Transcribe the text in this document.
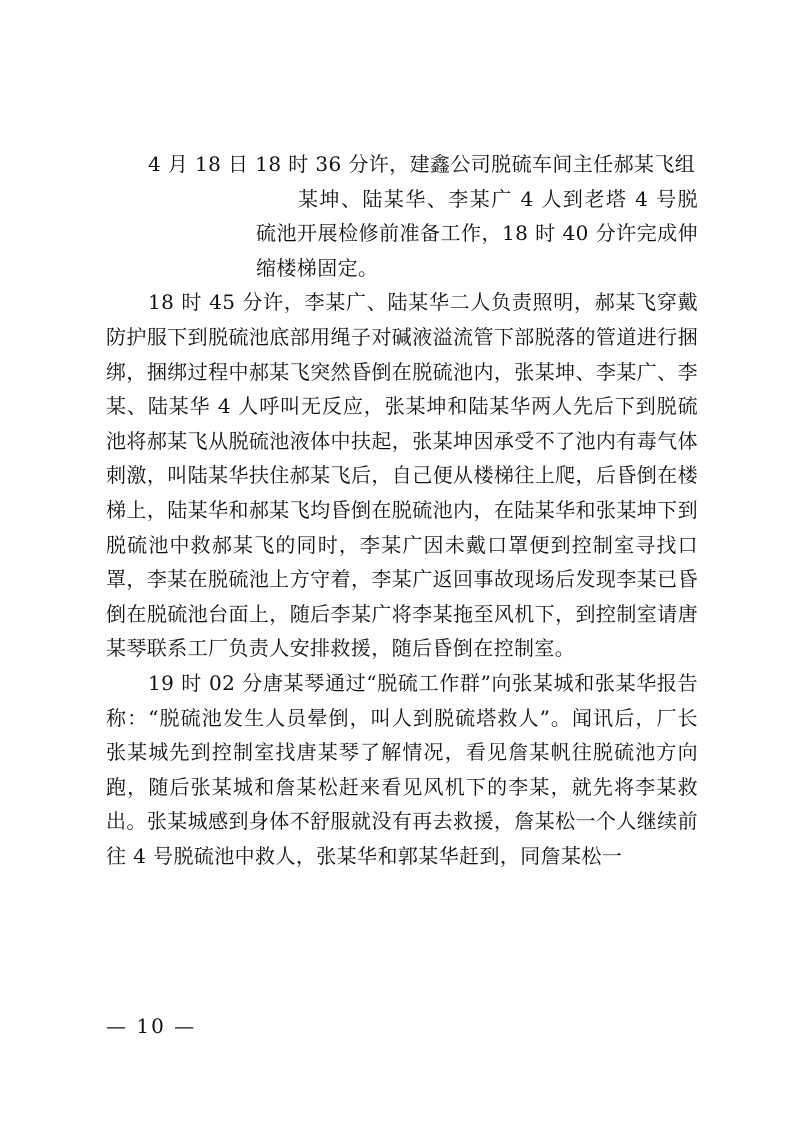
4 月 18 日 18 时 36 分许，建鑫公司脱硫车间主任郝某飞组
某坤、陆某华、李某广 4 人到老塔 4 号脱硫池开展检修前准备工作，18 时 40 分许完成伸缩楼梯固定。

18 时 45 分许，李某广、陆某华二人负责照明，郝某飞穿戴防护服下到脱硫池底部用绳子对碱液溢流管下部脱落的管道进行捆绑，捆绑过程中郝某飞突然昏倒在脱硫池内，张某坤、李某广、李某、陆某华 4 人呼叫无反应，张某坤和陆某华两人先后下到脱硫池将郝某飞从脱硫池液体中扶起，张某坤因承受不了池内有毒气体刺激，叫陆某华扶住郝某飞后，自己便从楼梯往上爬，后昏倒在楼梯上，陆某华和郝某飞均昏倒在脱硫池内，在陆某华和张某坤下到脱硫池中救郝某飞的同时，李某广因未戴口罩便到控制室寻找口罩，李某在脱硫池上方守着，李某广返回事故现场后发现李某已昏倒在脱硫池台面上，随后李某广将李某拖至风机下，到控制室请唐某琴联系工厂负责人安排救援，随后昏倒在控制室。

19 时 02 分唐某琴通过“脱硫工作群”向张某城和张某华报告称：“脱硫池发生人员晕倒，叫人到脱硫塔救人”。闻讯后，厂长张某城先到控制室找唐某琴了解情况，看见詹某帆往脱硫池方向跑，随后张某城和詹某松赶来看见风机下的李某，就先将李某救出。张某城感到身体不舒服就没有再去救援，詹某松一个人继续前往 4 号脱硫池中救人，张某华和郭某华赶到，同詹某松一

— 10 —
